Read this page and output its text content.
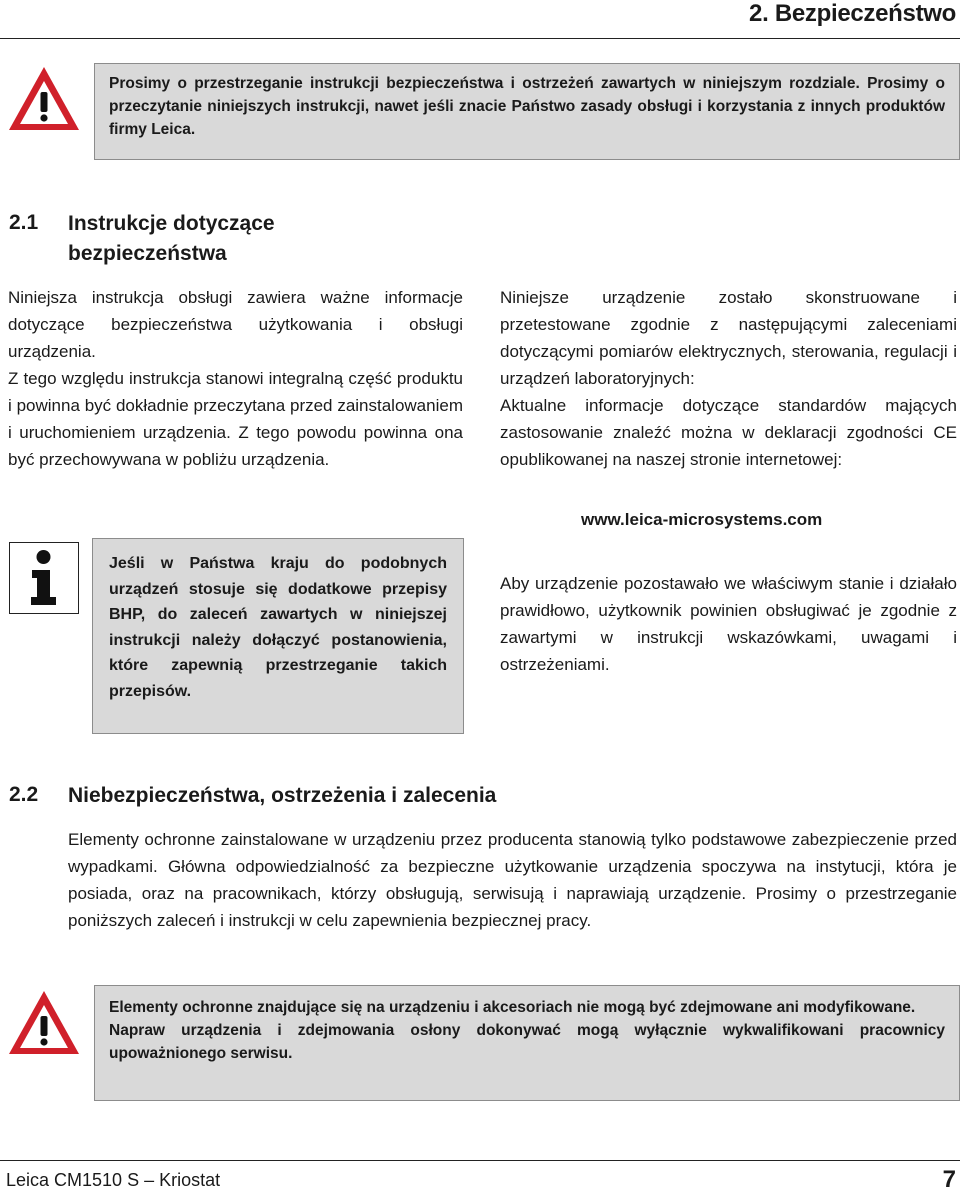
2. Bezpieczeństwo
Prosimy o przestrzeganie instrukcji bezpieczeństwa i ostrzeżeń zawartych w niniejszym rozdziale. Prosimy o przeczytanie niniejszych instrukcji, nawet jeśli znacie Państwo zasady obsługi i korzystania z innych produktów firmy Leica.
2.1 Instrukcje dotyczące
bezpieczeństwa

Niniejsza instrukcja obsługi zawiera ważne informacje dotyczące bezpieczeństwa użytkowania i obsługi urządzenia.

Z tego względu instrukcja stanowi integralną część produktu i powinna być dokładnie przeczytana przed zainstalowaniem i uruchomieniem urządzenia. Z tego powodu powinna ona być przechowywana w pobliżu urządzenia.

Jeśli w Państwa kraju do podobnych urządzeń stosuje się dodatkowe przepisy BHP, do zaleceń zawartych w niniejszej instrukcji należy dołączyć postanowienia, które zapewnią przestrzeganie takich przepisów.

Niniejsze urządzenie zostało skonstruowane i przetestowane zgodnie z następującymi zaleceniami dotyczącymi pomiarów elektrycznych, sterowania, regulacji i urządzeń laboratoryjnych:

Aktualne informacje dotyczące standardów mających zastosowanie znaleźć można w deklaracji zgodności CE opublikowanej na naszej stronie internetowej:

www.leica-microsystems.com

Aby urządzenie pozostawało we właściwym stanie i działało prawidłowo, użytkownik powinien obsługiwać je zgodnie z zawartymi w instrukcji wskazówkami, uwagami i ostrzeżeniami.

2.2 Niebezpieczeństwa, ostrzeżenia i zalecenia

Elementy ochronne zainstalowane w urządzeniu przez producenta stanowią tylko podstawowe zabezpieczenie przed wypadkami. Główna odpowiedzialność za bezpieczne użytkowanie urządzenia spoczywa na instytucji, która je posiada, oraz na pracownikach, którzy obsługują, serwisują i naprawiają urządzenie. Prosimy o przestrzeganie poniższych zaleceń i instrukcji w celu zapewnienia bezpiecznej pracy.

Elementy ochronne znajdujące się na urządzeniu i akcesoriach nie mogą być zdejmowane ani modyfikowane.
Napraw urządzenia i zdejmowania osłony dokonywać mogą wyłącznie wykwalifikowani pracownicy upoważnionego serwisu.
Leica CM1510 S – Kriostat	7
